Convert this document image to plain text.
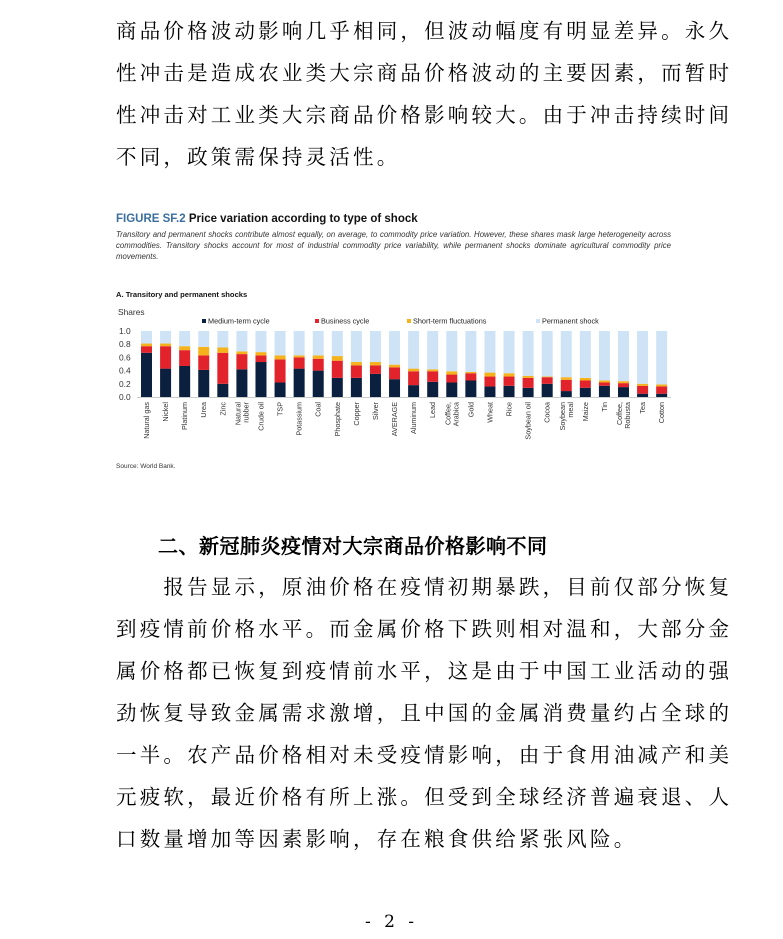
商品价格波动影响几乎相同，但波动幅度有明显差异。永久
性冲击是造成农业类大宗商品价格波动的主要因素，而暂时
性冲击对工业类大宗商品价格影响较大。由于冲击持续时间
不同，政策需保持灵活性。
FIGURE SF.2 Price variation according to type of shock
Transitory and permanent shocks contribute almost equally, on average, to commodity price variation. However, these shares mask large heterogeneity across commodities. Transitory shocks account for most of industrial commodity price variability, while permanent shocks dominate agricultural commodity price movements.
A. Transitory and permanent shocks
Shares
Medium-term cycle	Business cycle	Short-term fluctuations	Permanent shock
0.0
0.2
0.4
0.6
0.8
1.0
Natural gas Nickel Platinum Urea Zinc Natural rubber Crude oil TSP Potassium Coal Phosphate Copper Silver AVERAGE Aluminum Lead Coffee, Arabica Gold Wheat Rice Soybean oil Cocoa Soybean meal Maize Tin Coffee, Robusta Tea Cotton
Source: World Bank.
二、新冠肺炎疫情对大宗商品价格影响不同
　　报告显示，原油价格在疫情初期暴跌，目前仅部分恢复
到疫情前价格水平。而金属价格下跌则相对温和，大部分金
属价格都已恢复到疫情前水平，这是由于中国工业活动的强
劲恢复导致金属需求激增，且中国的金属消费量约占全球的
一半。农产品价格相对未受疫情影响，由于食用油减产和美
元疲软，最近价格有所上涨。但受到全球经济普遍衰退、人
口数量增加等因素影响，存在粮食供给紧张风险。
- 2 -
